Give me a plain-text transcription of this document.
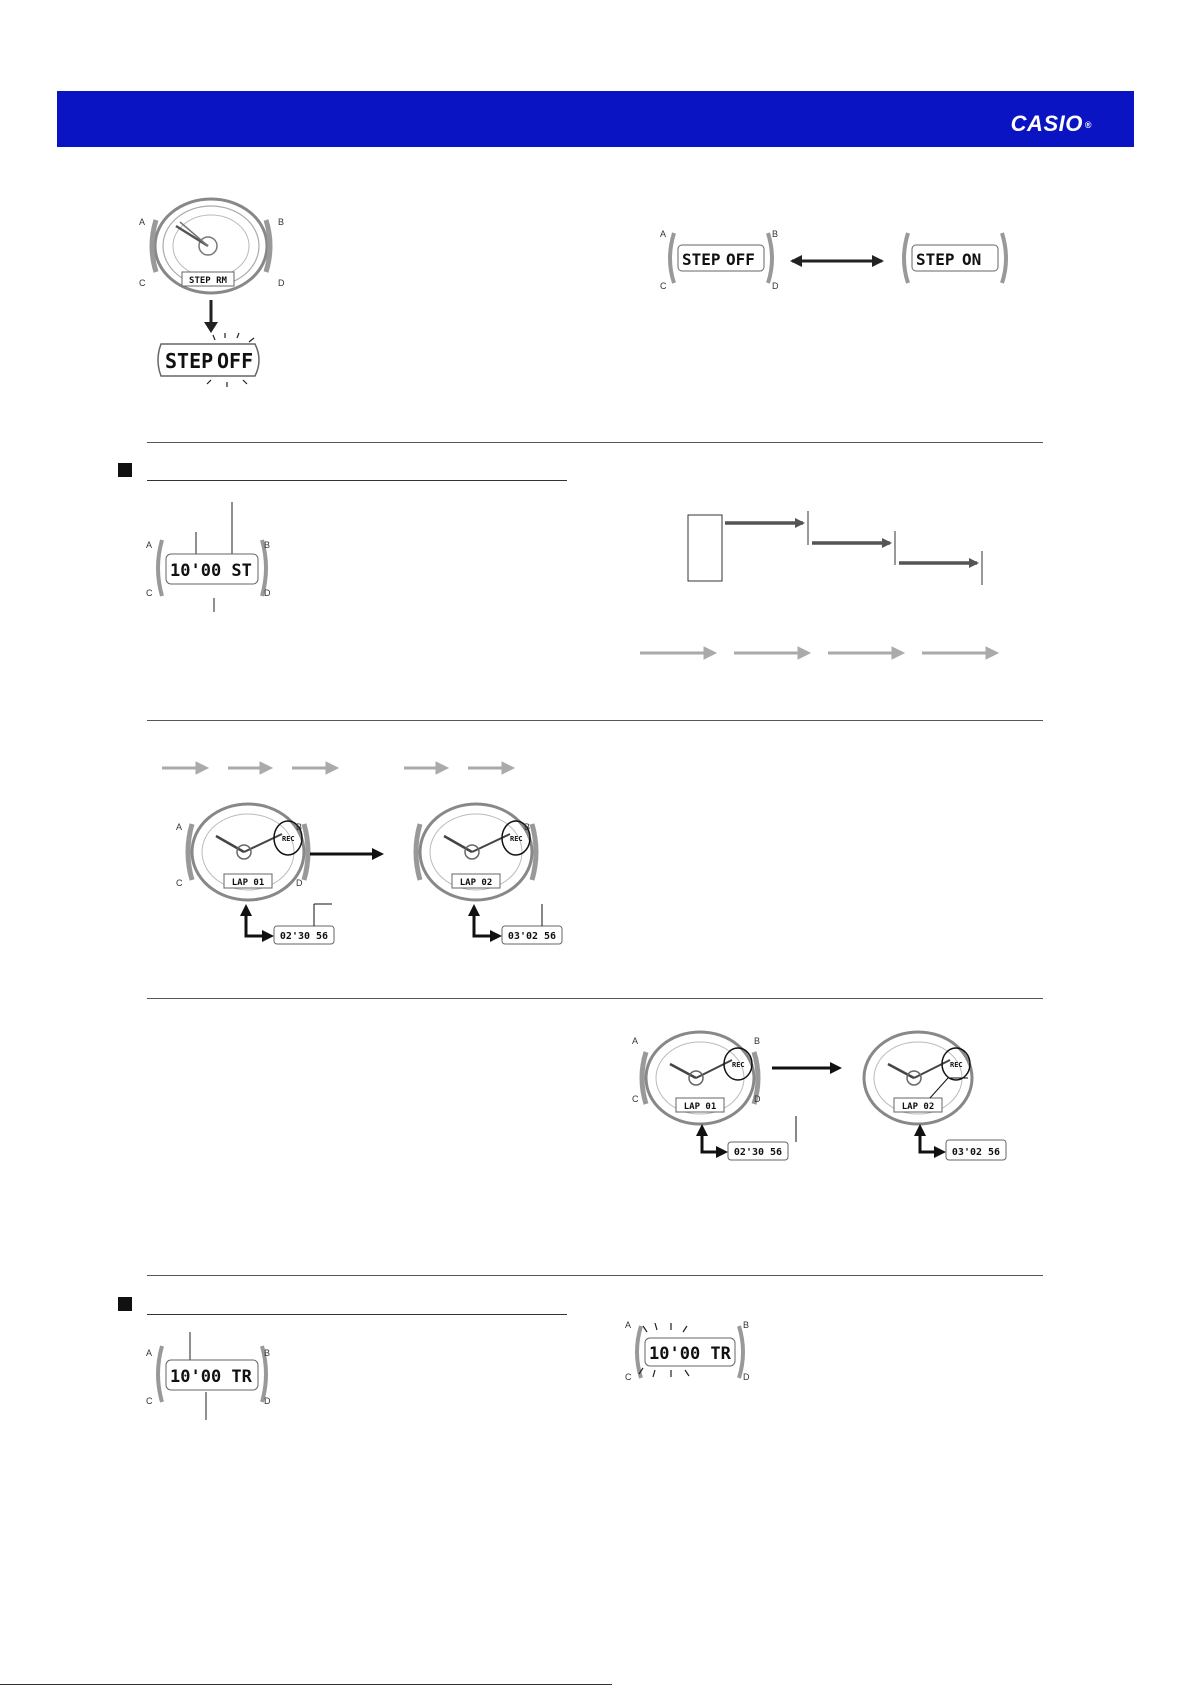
CASIO ®
STEP RM
A	B
C	D
STEP OFF
STEP OFF
A	B
C	D
STEP ON
10'00 ST
A	B
C	D
REC
LAP 01
A	B
C	D
02'30 56
REC
LAP 02
B
03'02 56
REC
LAP 01
A	B
C	D
02'30 56
REC
LAP 02
03'02 56
10'00 TR
A	B
C	D
10'00 TR
A	B
C	D
